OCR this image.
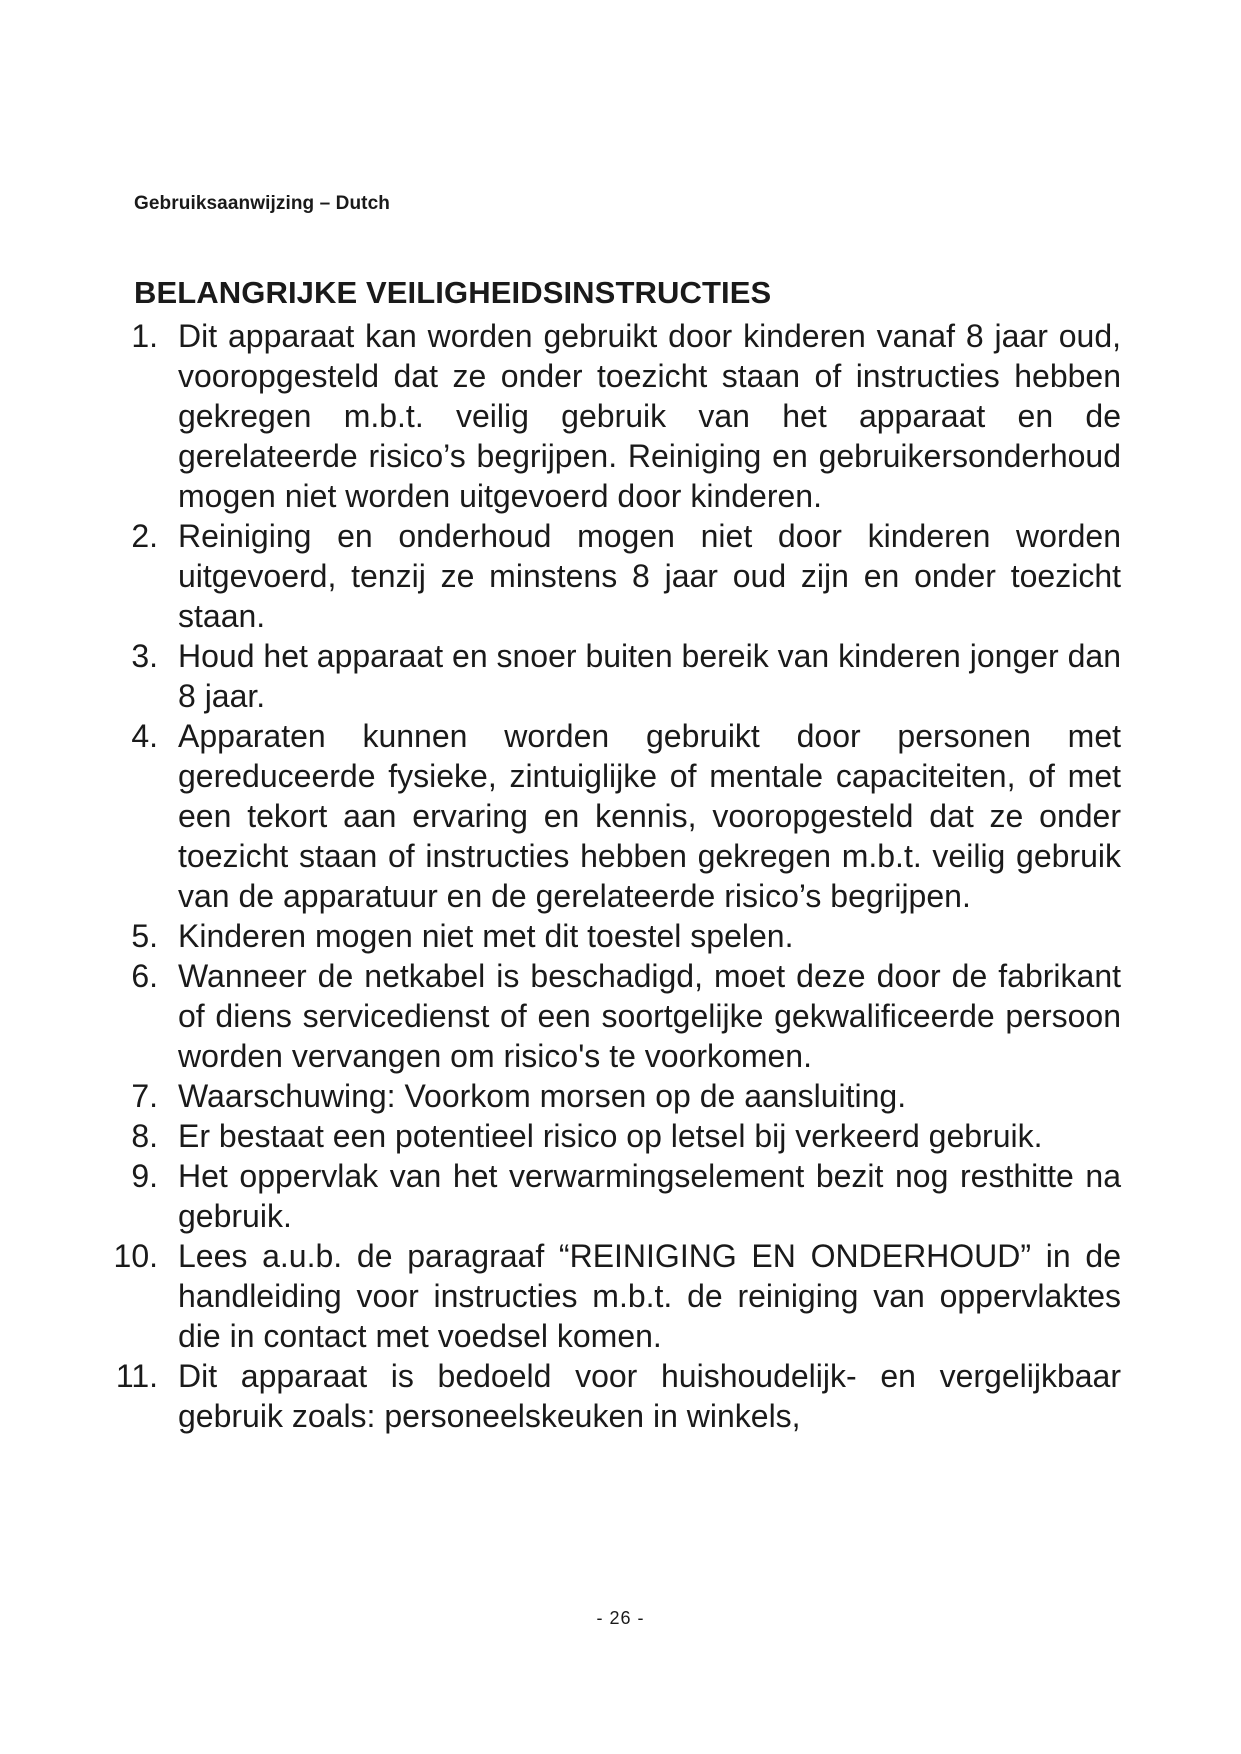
Gebruiksaanwijzing – Dutch
BELANGRIJKE VEILIGHEIDSINSTRUCTIES
1. Dit apparaat kan worden gebruikt door kinderen vanaf 8 jaar oud, vooropgesteld dat ze onder toezicht staan of instructies hebben gekregen m.b.t. veilig gebruik van het apparaat en de gerelateerde risico’s begrijpen. Reiniging en gebruikersonderhoud mogen niet worden uitgevoerd door kinderen.
2. Reiniging en onderhoud mogen niet door kinderen worden uitgevoerd, tenzij ze minstens 8 jaar oud zijn en onder toezicht staan.
3. Houd het apparaat en snoer buiten bereik van kinderen jonger dan 8 jaar.
4. Apparaten kunnen worden gebruikt door personen met gereduceerde fysieke, zintuiglijke of mentale capaciteiten, of met een tekort aan ervaring en kennis, vooropgesteld dat ze onder toezicht staan of instructies hebben gekregen m.b.t. veilig gebruik van de apparatuur en de gerelateerde risico’s begrijpen.
5. Kinderen mogen niet met dit toestel spelen.
6. Wanneer de netkabel is beschadigd, moet deze door de fabrikant of diens servicedienst of een soortgelijke gekwalificeerde persoon worden vervangen om risico's te voorkomen.
7. Waarschuwing: Voorkom morsen op de aansluiting.
8. Er bestaat een potentieel risico op letsel bij verkeerd gebruik.
9. Het oppervlak van het verwarmingselement bezit nog resthitte na gebruik.
10. Lees a.u.b. de paragraaf “REINIGING EN ONDERHOUD” in de handleiding voor instructies m.b.t. de reiniging van oppervlaktes die in contact met voedsel komen.
11. Dit apparaat is bedoeld voor huishoudelijk- en vergelijkbaar gebruik zoals: personeelskeuken in winkels,
- 26 -
